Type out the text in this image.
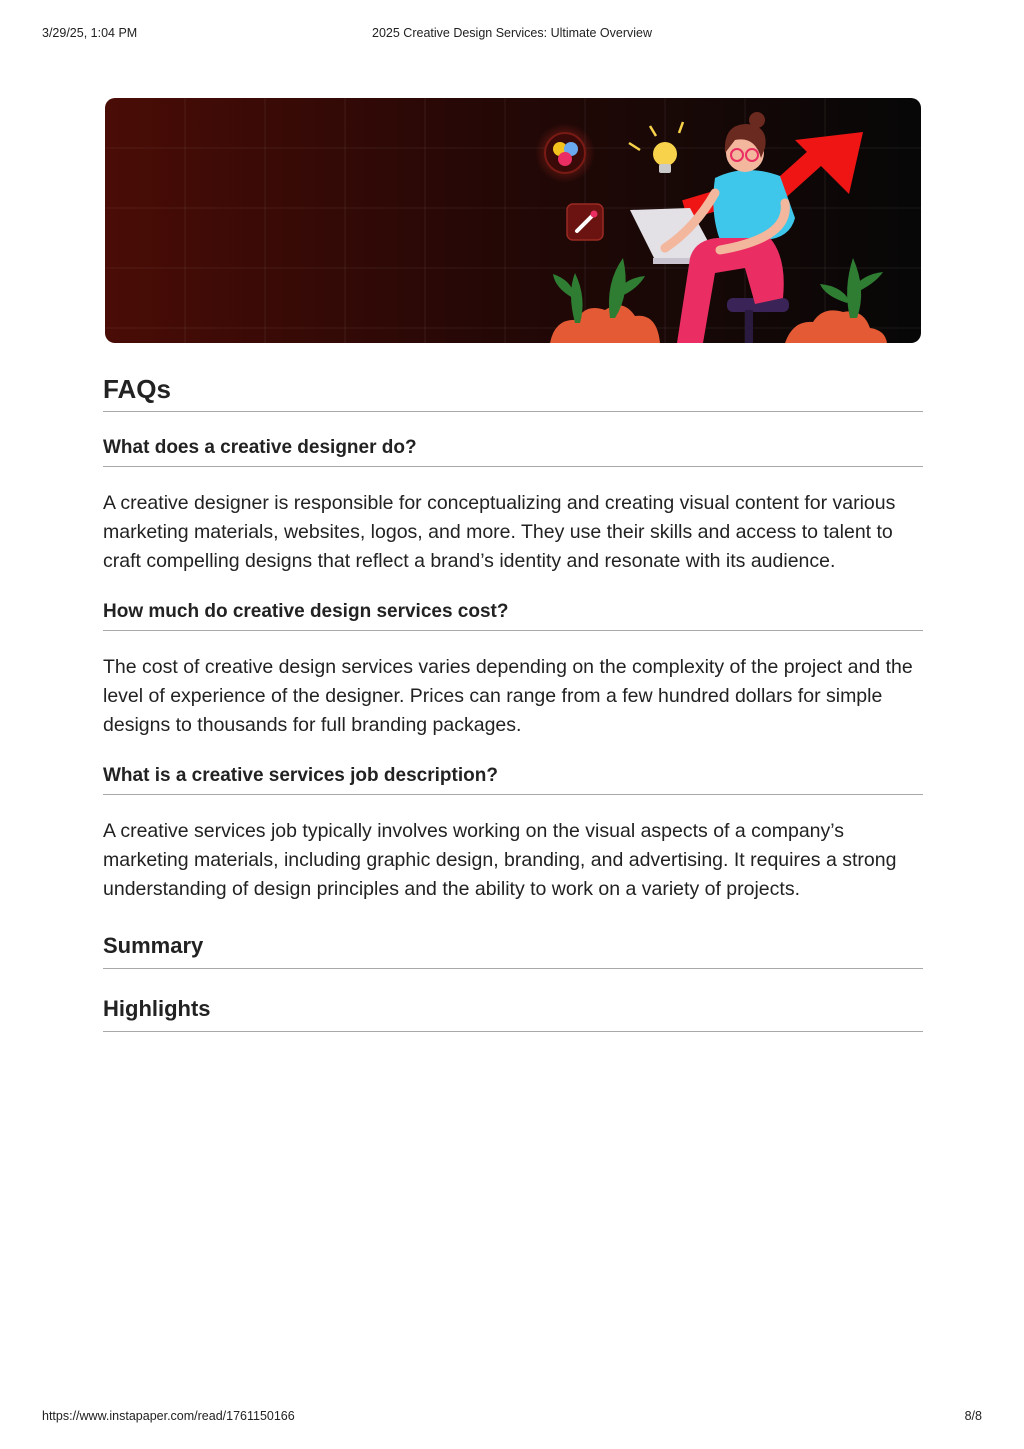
3/29/25, 1:04 PM	2025 Creative Design Services: Ultimate Overview
FAQs
What does a creative designer do?

A creative designer is responsible for conceptualizing and creating visual content for various marketing materials, websites, logos, and more. They use their skills and access to talent to craft compelling designs that reflect a brand’s identity and resonate with its audience.

How much do creative design services cost?

The cost of creative design services varies depending on the complexity of the project and the level of experience of the designer. Prices can range from a few hundred dollars for simple designs to thousands for full branding packages.

What is a creative services job description?

A creative services job typically involves working on the visual aspects of a company’s marketing materials, including graphic design, branding, and advertising. It requires a strong understanding of design principles and the ability to work on a variety of projects.

Summary
Highlights
https://www.instapaper.com/read/1761150166	8/8
